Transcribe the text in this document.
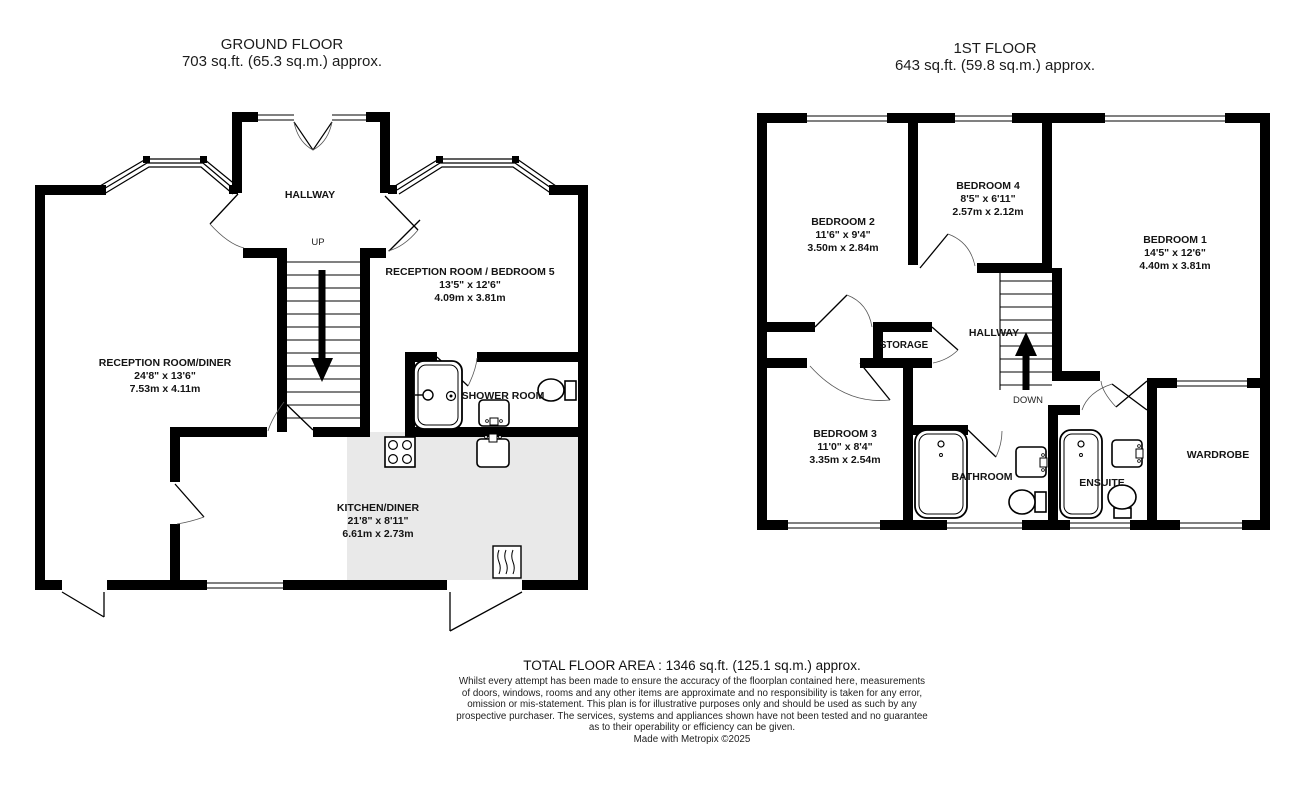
GROUND FLOOR
703 sq.ft. (65.3 sq.m.) approx.
1ST FLOOR
643 sq.ft. (59.8 sq.m.) approx.
HALLWAY
UP
RECEPTION ROOM / BEDROOM 5
13'5" x 12'6"
4.09m x 3.81m
RECEPTION ROOM/DINER
24'8" x 13'6"
7.53m x 4.11m
SHOWER ROOM
KITCHEN/DINER
21'8" x 8'11"
6.61m x 2.73m
BEDROOM 2
11'6" x 9'4"
3.50m x 2.84m
BEDROOM 4
8'5" x 6'11"
2.57m x 2.12m
BEDROOM 1
14'5" x 12'6"
4.40m x 3.81m
STORAGE
HALLWAY
DOWN
BEDROOM 3
11'0" x 8'4"
3.35m x 2.54m
BATHROOM	ENSUITE
WARDROBE
TOTAL FLOOR AREA : 1346 sq.ft. (125.1 sq.m.) approx.
Whilst every attempt has been made to ensure the accuracy of the floorplan contained here, measurements
of doors, windows, rooms and any other items are approximate and no responsibility is taken for any error,
omission or mis-statement. This plan is for illustrative purposes only and should be used as such by any
prospective purchaser. The services, systems and appliances shown have not been tested and no guarantee
as to their operability or efficiency can be given.
Made with Metropix ©2025
